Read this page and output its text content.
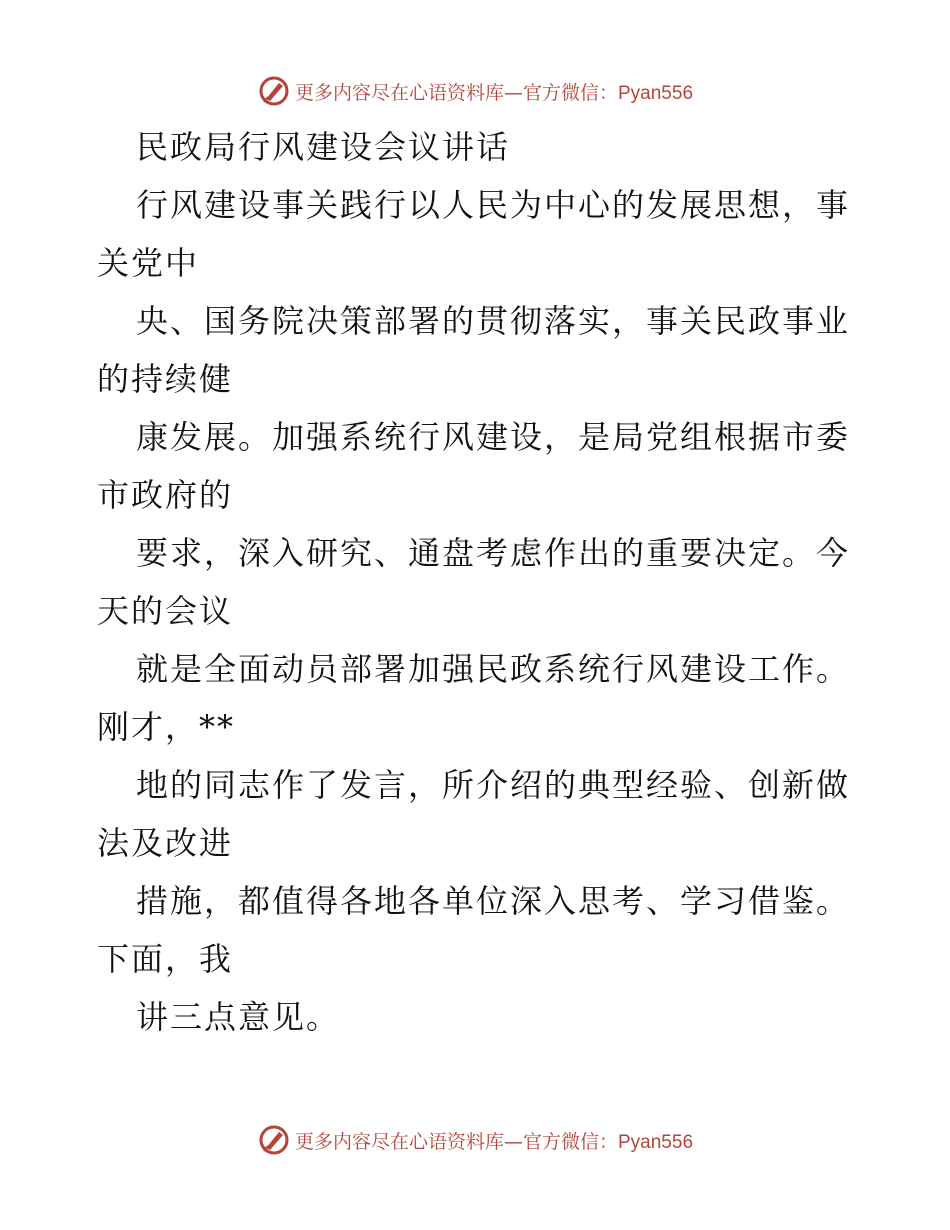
更多内容尽在心语资料库—官方微信：Pyan556
民政局行风建设会议讲话
行风建设事关践行以人民为中心的发展思想，事
关党中
央、国务院决策部署的贯彻落实，事关民政事业
的持续健
康发展。加强系统行风建设，是局党组根据市委
市政府的
要求，深入研究、通盘考虑作出的重要决定。今
天的会议
就是全面动员部署加强民政系统行风建设工作。
刚才，**
地的同志作了发言，所介绍的典型经验、创新做
法及改进
措施，都值得各地各单位深入思考、学习借鉴。
下面，我
讲三点意见。
更多内容尽在心语资料库—官方微信：Pyan556
